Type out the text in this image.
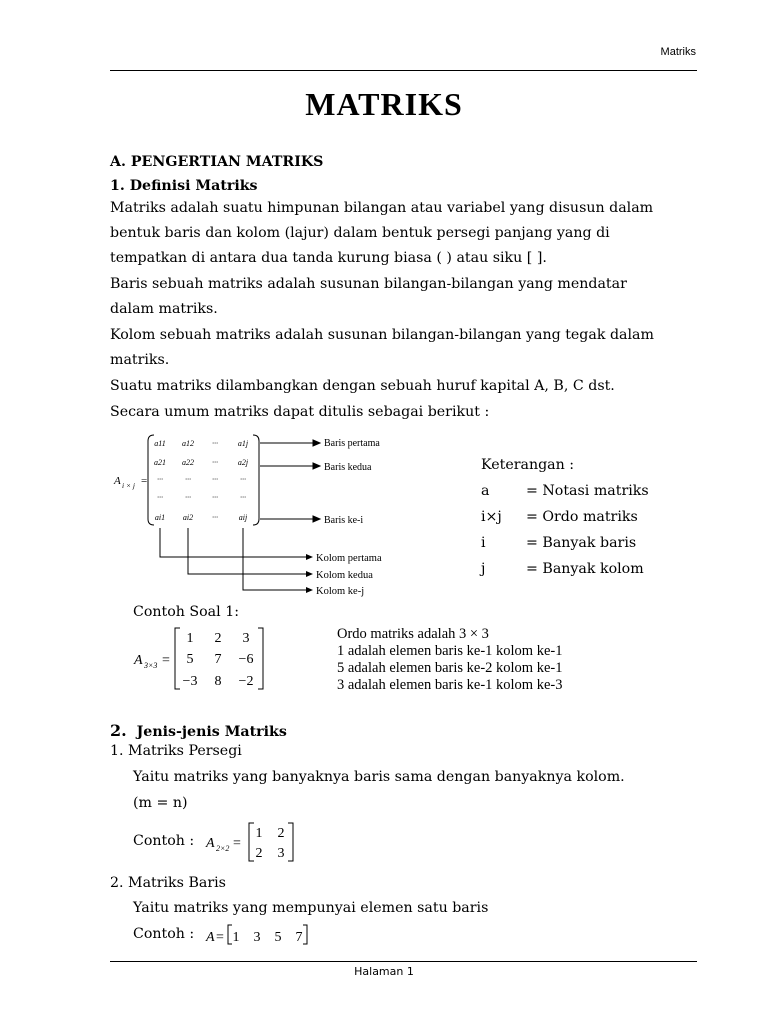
Matriks
MATRIKS
A. PENGERTIAN MATRIKS
1. Definisi Matriks
Matriks adalah suatu himpunan bilangan atau variabel yang disusun dalam
bentuk baris dan kolom (lajur) dalam bentuk persegi panjang yang di
tempatkan di antara dua tanda kurung biasa ( ) atau siku [ ].
Baris sebuah matriks adalah susunan bilangan-bilangan yang mendatar
dalam matriks.
Kolom sebuah matriks adalah susunan bilangan-bilangan yang tegak dalam
matriks.
Suatu matriks dilambangkan dengan sebuah huruf kapital A, B, C dst.
Secara umum matriks dapat ditulis sebagai berikut :
A i × j =
a11 a12 ··· a1j
a21 a22 ··· a2j
···	···	···	···
···	···	···	···
ai1 ai2 ···	aij
Baris pertama
Baris kedua
Baris ke-i
Kolom pertama
Kolom kedua
Kolom ke-j
Keterangan :
a	= Notasi matriks
i×j = Ordo matriks
i	= Banyak baris
j	= Banyak kolom
Contoh Soal 1:
A 3×3 =
1 2 3
5 7 −6
−3 8 −2
Ordo matriks adalah 3 × 3
1 adalah elemen baris ke-1 kolom ke-1
5 adalah elemen baris ke-2 kolom ke-1
3 adalah elemen baris ke-1 kolom ke-3
2. Jenis-jenis Matriks
1. Matriks Persegi
Yaitu matriks yang banyaknya baris sama dengan banyaknya kolom.
(m = n)
Contoh : A 2×2 =
1 2
2 3
2. Matriks Baris
Yaitu matriks yang mempunyai elemen satu baris
Contoh : A = 1 3 5 7
Halaman 1
